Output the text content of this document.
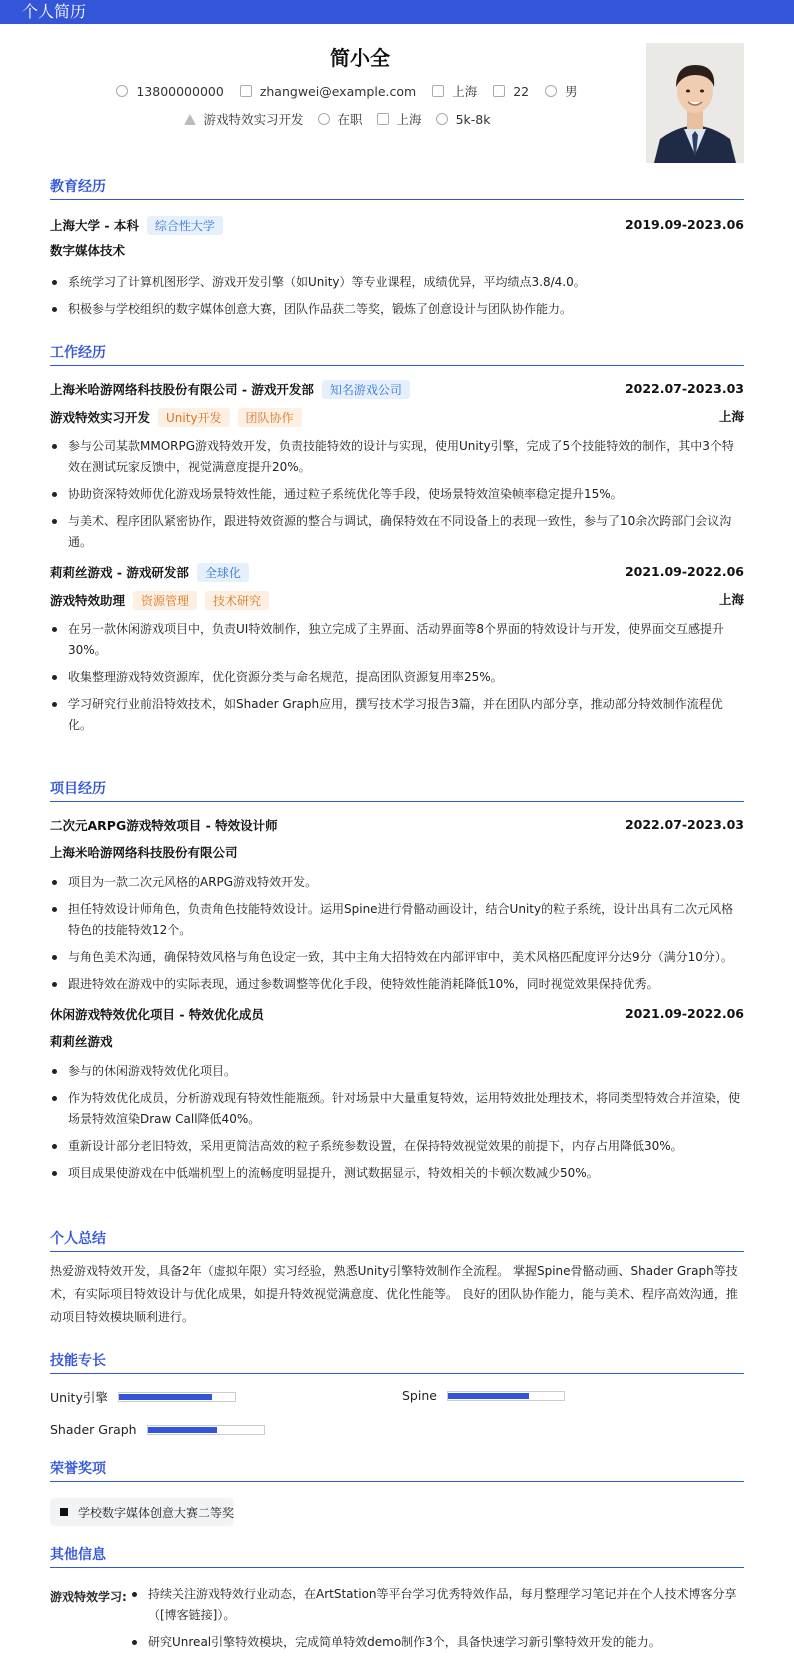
个人简历
简小全
13800000000	zhangwei@example.com	上海	22	男
游戏特效实习开发	在职	上海	5k-8k
教育经历
上海大学 - 本科	综合性大学	2019.09-2023.06
数字媒体技术
系统学习了计算机图形学、游戏开发引擎（如Unity）等专业课程，成绩优异，平均绩点3.8/4.0。
积极参与学校组织的数字媒体创意大赛，团队作品获二等奖，锻炼了创意设计与团队协作能力。
工作经历
上海米哈游网络科技股份有限公司 - 游戏开发部	知名游戏公司	2022.07-2023.03
游戏特效实习开发	Unity开发	团队协作	上海
参与公司某款MMORPG游戏特效开发，负责技能特效的设计与实现，使用Unity引擎，完成了5个技能特效的制作，其中3个特效在测试玩家反馈中，视觉满意度提升20%。
协助资深特效师优化游戏场景特效性能，通过粒子系统优化等手段，使场景特效渲染帧率稳定提升15%。
与美术、程序团队紧密协作，跟进特效资源的整合与调试，确保特效在不同设备上的表现一致性，参与了10余次跨部门会议沟通。
莉莉丝游戏 - 游戏研发部	全球化	2021.09-2022.06
游戏特效助理	资源管理	技术研究	上海
在另一款休闲游戏项目中，负责UI特效制作，独立完成了主界面、活动界面等8个界面的特效设计与开发，使界面交互感提升30%。
收集整理游戏特效资源库，优化资源分类与命名规范，提高团队资源复用率25%。
学习研究行业前沿特效技术，如Shader Graph应用，撰写技术学习报告3篇，并在团队内部分享，推动部分特效制作流程优化。
项目经历
二次元ARPG游戏特效项目 - 特效设计师	2022.07-2023.03
上海米哈游网络科技股份有限公司
项目为一款二次元风格的ARPG游戏特效开发。
担任特效设计师角色，负责角色技能特效设计。运用Spine进行骨骼动画设计，结合Unity的粒子系统，设计出具有二次元风格特色的技能特效12个。
与角色美术沟通，确保特效风格与角色设定一致，其中主角大招特效在内部评审中，美术风格匹配度评分达9分（满分10分）。
跟进特效在游戏中的实际表现，通过参数调整等优化手段，使特效性能消耗降低10%，同时视觉效果保持优秀。
休闲游戏特效优化项目 - 特效优化成员	2021.09-2022.06
莉莉丝游戏
参与的休闲游戏特效优化项目。
作为特效优化成员，分析游戏现有特效性能瓶颈。针对场景中大量重复特效，运用特效批处理技术，将同类型特效合并渲染，使场景特效渲染Draw Call降低40%。
重新设计部分老旧特效，采用更简洁高效的粒子系统参数设置，在保持特效视觉效果的前提下，内存占用降低30%。
项目成果使游戏在中低端机型上的流畅度明显提升，测试数据显示，特效相关的卡顿次数减少50%。
个人总结
热爱游戏特效开发，具备2年（虚拟年限）实习经验，熟悉Unity引擎特效制作全流程。 掌握Spine骨骼动画、Shader Graph等技术，有实际项目特效设计与优化成果，如提升特效视觉满意度、优化性能等。 良好的团队协作能力，能与美术、程序高效沟通，推动项目特效模块顺利进行。
技能专长
Unity引擎	Spine
Shader Graph
荣誉奖项
学校数字媒体创意大赛二等奖
其他信息
游戏特效学习:	持续关注游戏特效行业动态，在ArtStation等平台学习优秀特效作品，每月整理学习笔记并在个人技术博客分享（[博客链接]）。
研究Unreal引擎特效模块，完成简单特效demo制作3个，具备快速学习新引擎特效开发的能力。
